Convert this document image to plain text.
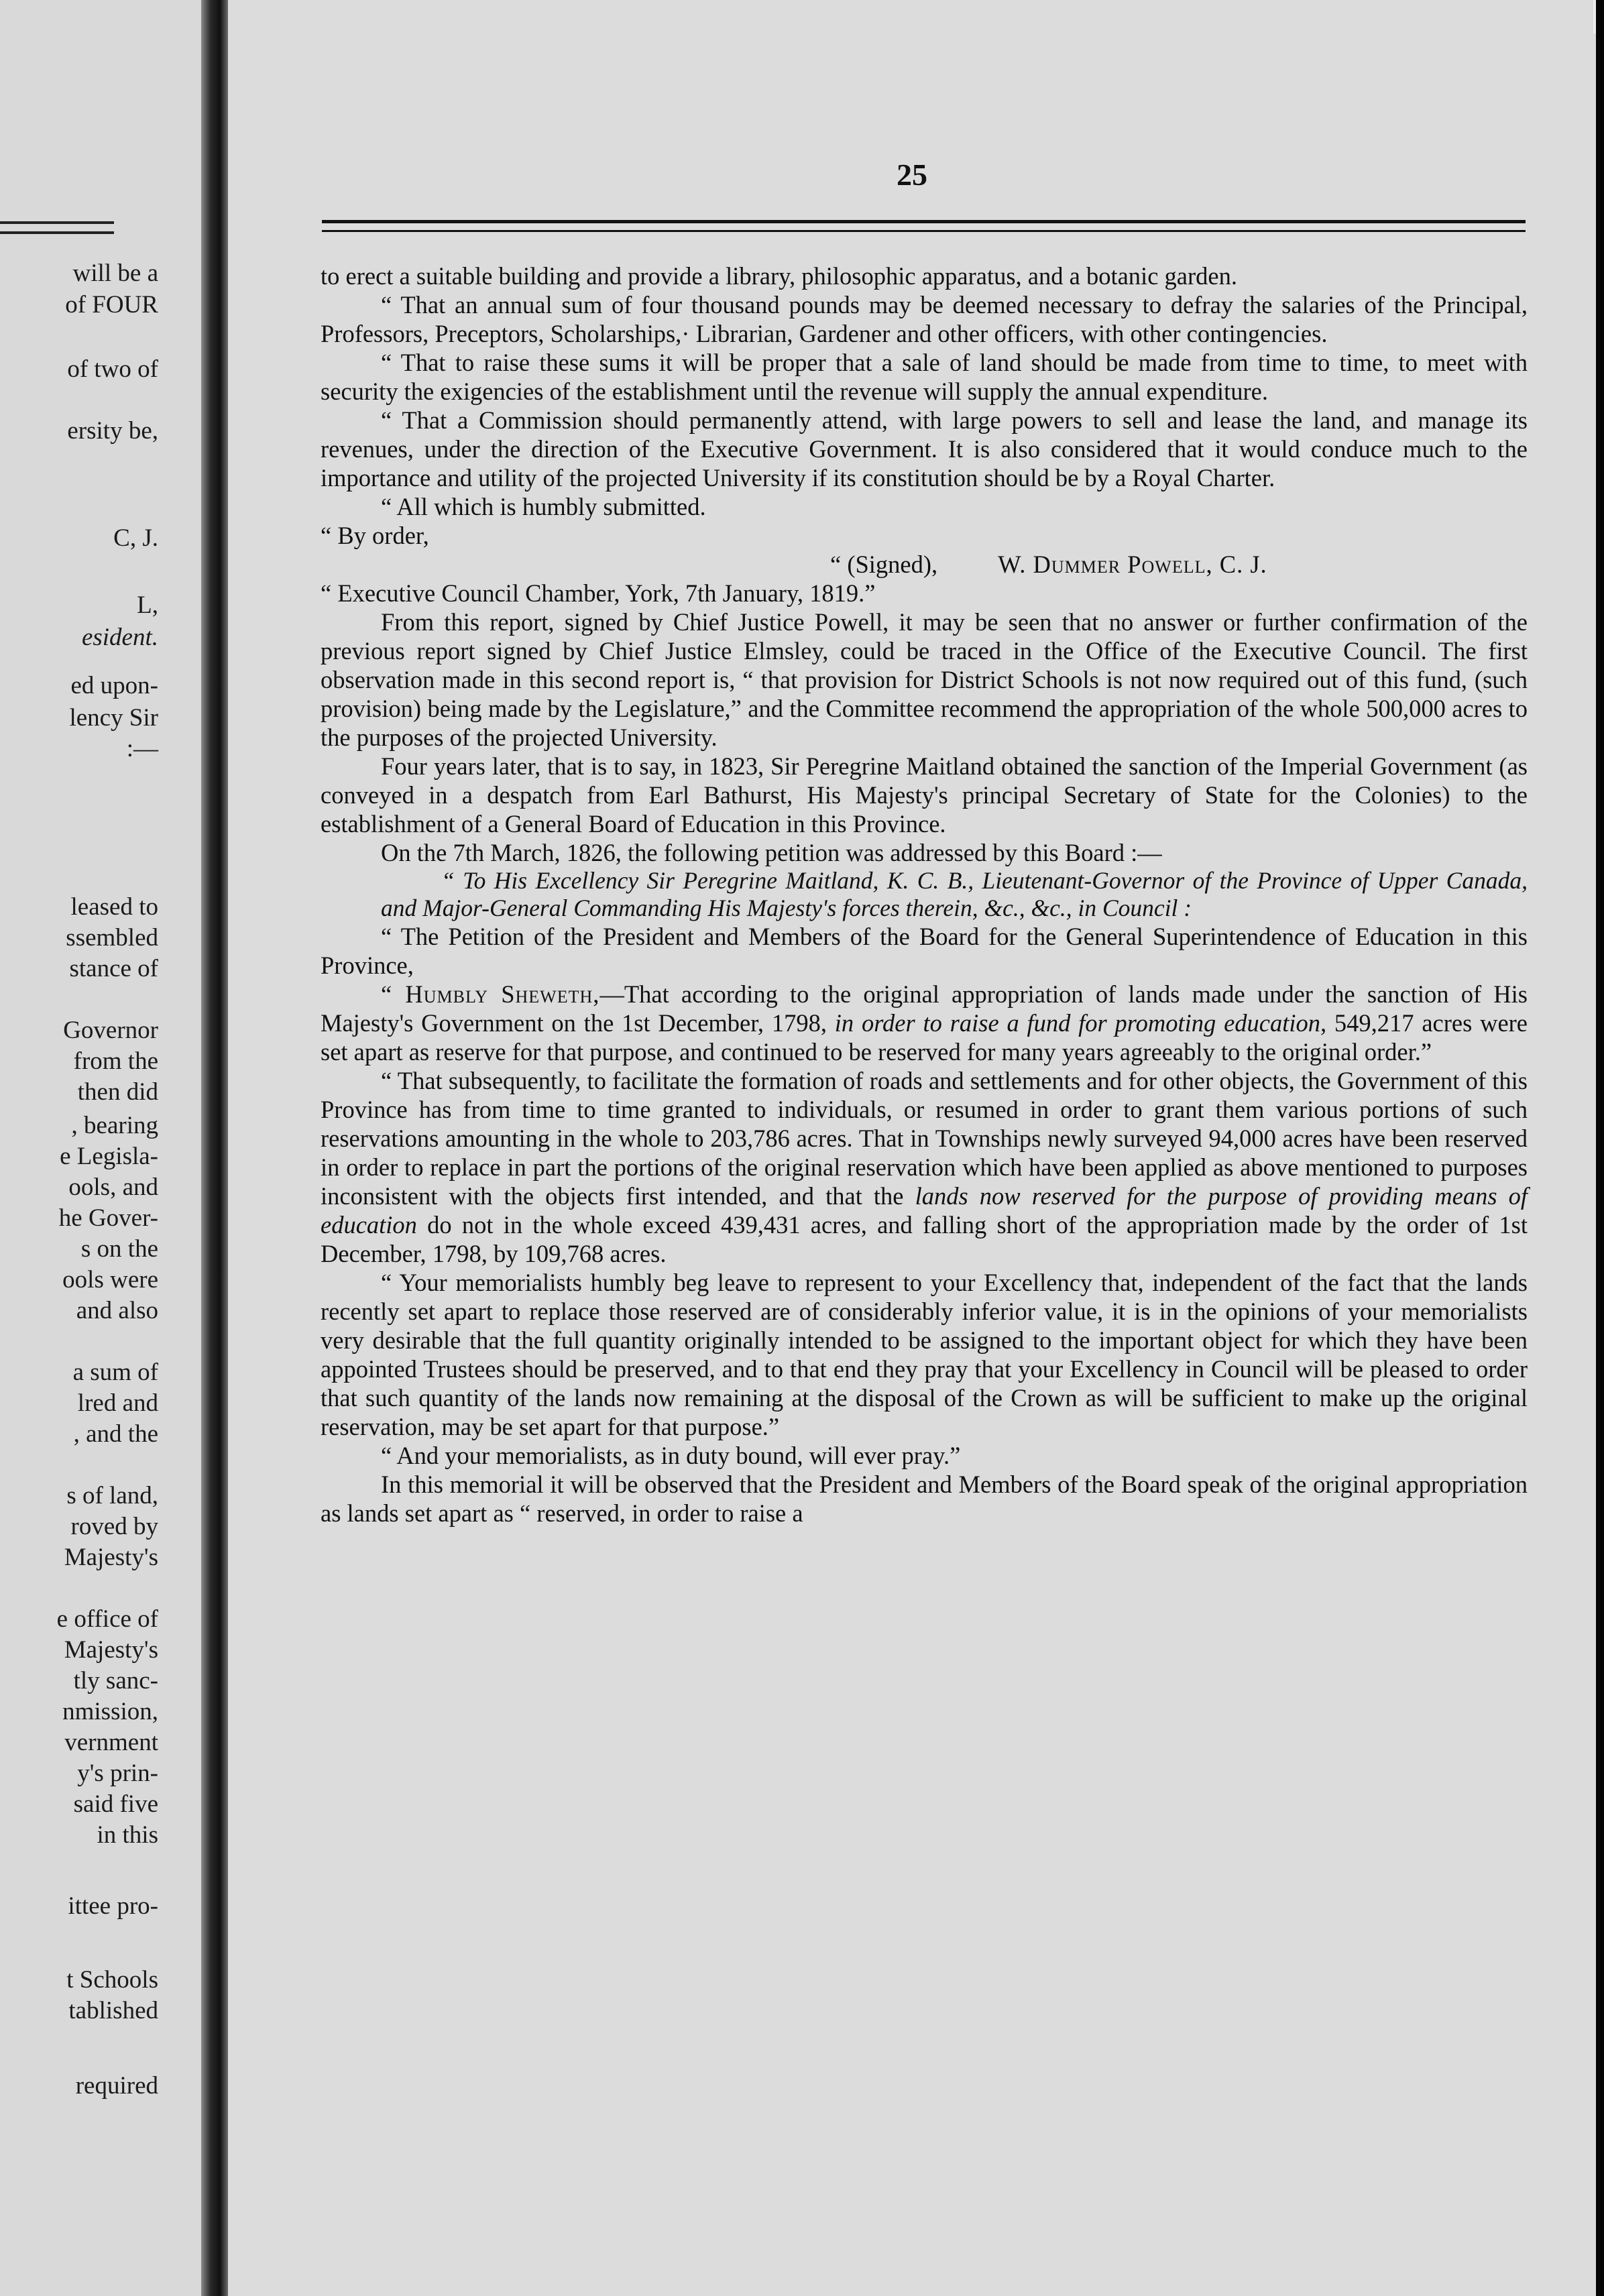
will be a
of FOUR
of two of
ersity be,
C, J.
L,
esident.
ed upon-
lency Sir
:—
leased to
ssembled
stance of
Governor
from the
then did
, bearing
e Legisla-
ools, and
he Gover-
s on the
ools were
and also
a sum of
lred and
, and the
s of land,
roved by
Majesty's
e office of
Majesty's
tly sanc-
nmission,
vernment
y's prin-
said five
in this
ittee pro-
t Schools
tablished
required
25

to erect a suitable building and provide a library, philosophic apparatus, and a botanic garden.

“ That an annual sum of four thousand pounds may be deemed necessary to defray the salaries of the Principal, Professors, Preceptors, Scholarships,· Librarian, Gardener and other officers, with other contingencies.

“ That to raise these sums it will be proper that a sale of land should be made from time to time, to meet with security the exigencies of the establishment until the revenue will supply the annual expenditure.

“ That a Commission should permanently attend, with large powers to sell and lease the land, and manage its revenues, under the direction of the Executive Government. It is also considered that it would conduce much to the importance and utility of the projected University if its constitution should be by a Royal Charter.

“ All which is humbly submitted.

“ By order,

“ (Signed), W. Dummer Powell, C. J.

“ Executive Council Chamber, York, 7th January, 1819.”

From this report, signed by Chief Justice Powell, it may be seen that no answer or further confirmation of the previous report signed by Chief Justice Elmsley, could be traced in the Office of the Executive Council. The first observation made in this second report is, “ that provision for District Schools is not now required out of this fund, (such provision) being made by the Legislature,” and the Committee recommend the appropriation of the whole 500,000 acres to the purposes of the projected University.

Four years later, that is to say, in 1823, Sir Peregrine Maitland obtained the sanction of the Imperial Government (as conveyed in a despatch from Earl Bathurst, His Majesty's principal Secretary of State for the Colonies) to the establishment of a General Board of Education in this Province.

On the 7th March, 1826, the following petition was addressed by this Board :—

“ To His Excellency Sir Peregrine Maitland, K. C. B., Lieutenant-Governor of the Province of Upper Canada, and Major-General Commanding His Majesty's forces therein, &c., &c., in Council :

“ The Petition of the President and Members of the Board for the General Superintendence of Education in this Province,

“ Humbly Sheweth,—That according to the original appropriation of lands made under the sanction of His Majesty's Government on the 1st December, 1798, in order to raise a fund for promoting education, 549,217 acres were set apart as reserve for that purpose, and continued to be reserved for many years agreeably to the original order.”

“ That subsequently, to facilitate the formation of roads and settlements and for other objects, the Government of this Province has from time to time granted to individuals, or resumed in order to grant them various portions of such reservations amounting in the whole to 203,786 acres. That in Townships newly surveyed 94,000 acres have been reserved in order to replace in part the portions of the original reservation which have been applied as above mentioned to purposes inconsistent with the objects first intended, and that the lands now reserved for the purpose of providing means of education do not in the whole exceed 439,431 acres, and falling short of the appropriation made by the order of 1st December, 1798, by 109,768 acres.

“ Your memorialists humbly beg leave to represent to your Excellency that, independent of the fact that the lands recently set apart to replace those reserved are of considerably inferior value, it is in the opinions of your memorialists very desirable that the full quantity originally intended to be assigned to the important object for which they have been appointed Trustees should be preserved, and to that end they pray that your Excellency in Council will be pleased to order that such quantity of the lands now remaining at the disposal of the Crown as will be sufficient to make up the original reservation, may be set apart for that purpose.”

“ And your memorialists, as in duty bound, will ever pray.”

In this memorial it will be observed that the President and Members of the Board speak of the original appropriation as lands set apart as “ reserved, in order to raise a
